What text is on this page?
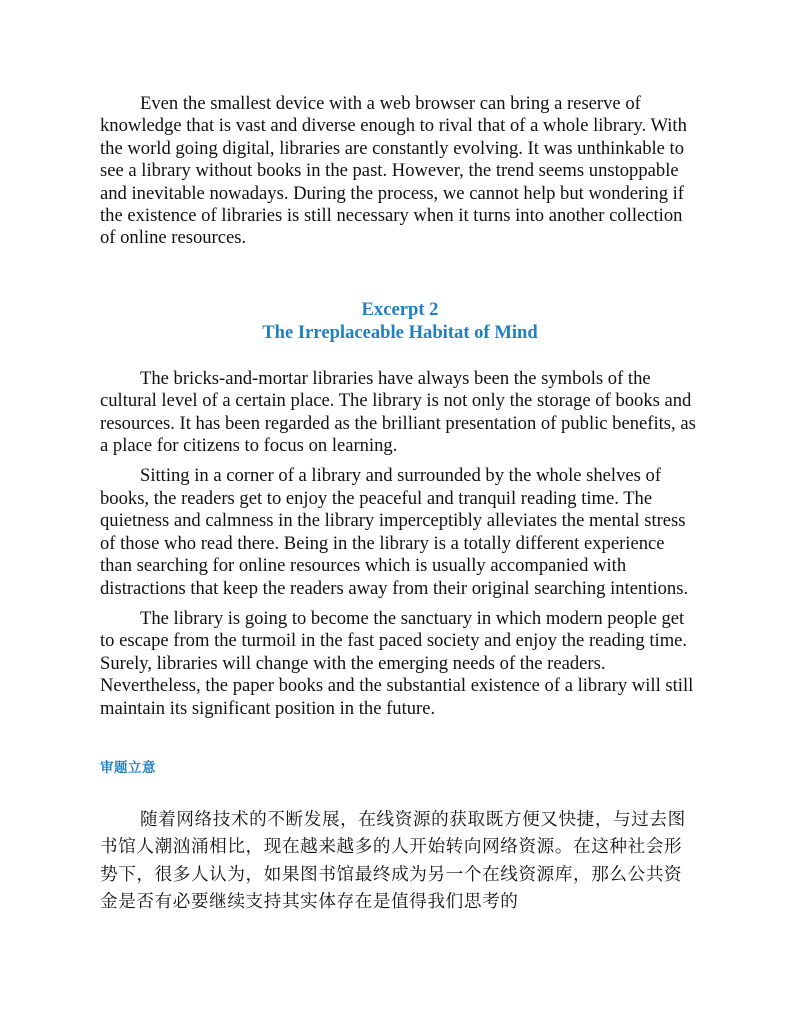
Even the smallest device with a web browser can bring a reserve of knowledge that is vast and diverse enough to rival that of a whole library. With the world going digital, libraries are constantly evolving. It was unthinkable to see a library without books in the past. However, the trend seems unstoppable and inevitable nowadays. During the process, we cannot help but wondering if the existence of libraries is still necessary when it turns into another collection of online resources.

Excerpt 2

The Irreplaceable Habitat of Mind

The bricks-and-mortar libraries have always been the symbols of the cultural level of a certain place. The library is not only the storage of books and resources. It has been regarded as the brilliant presentation of public benefits, as a place for citizens to focus on learning.

Sitting in a corner of a library and surrounded by the whole shelves of books, the readers get to enjoy the peaceful and tranquil reading time. The quietness and calmness in the library imperceptibly alleviates the mental stress of those who read there. Being in the library is a totally different experience than searching for online resources which is usually accompanied with distractions that keep the readers away from their original searching intentions.

The library is going to become the sanctuary in which modern people get to escape from the turmoil in the fast paced society and enjoy the reading time. Surely, libraries will change with the emerging needs of the readers. Nevertheless, the paper books and the substantial existence of a library will still maintain its significant position in the future.

审题立意

随着网络技术的不断发展，在线资源的获取既方便又快捷，与过去图书馆人潮汹涌相比，现在越来越多的人开始转向网络资源。在这种社会形势下，很多人认为，如果图书馆最终成为另一个在线资源库，那么公共资金是否有必要继续支持其实体存在是值得我们思考的
